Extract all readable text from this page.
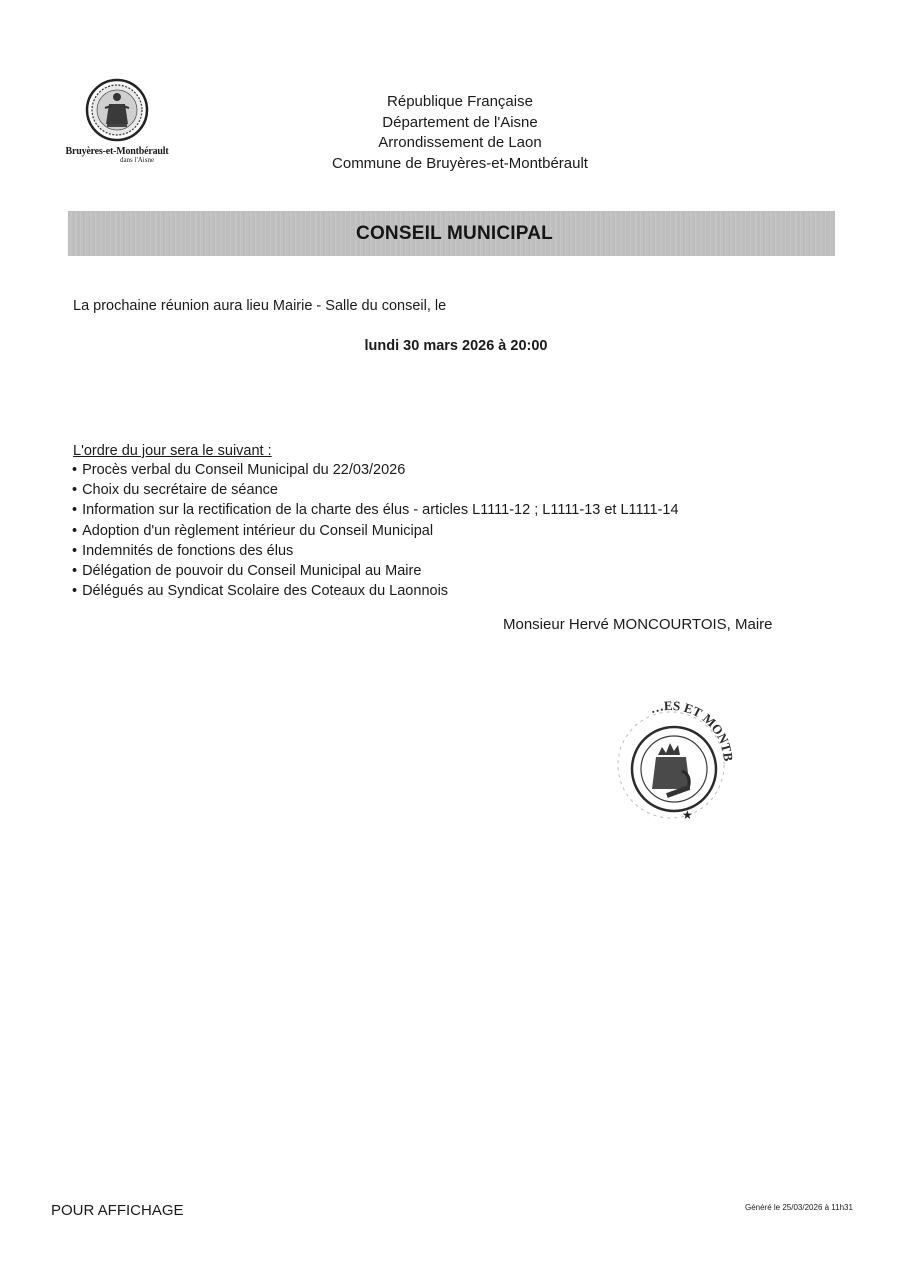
Bruyères-et-Montbérault
dans l'Aisne
République Française
Département de l'Aisne
Arrondissement de Laon
Commune de Bruyères-et-Montbérault
CONSEIL MUNICIPAL
La prochaine réunion aura lieu Mairie - Salle du conseil, le
lundi 30 mars 2026 à 20:00
L'ordre du jour sera le suivant :
• Procès verbal du Conseil Municipal du 22/03/2026
• Choix du secrétaire de séance
• Information sur la rectification de la charte des élus - articles L1111-12 ; L1111-13 et L1111-14
• Adoption d'un règlement intérieur du Conseil Municipal
• Indemnités de fonctions des élus
• Délégation de pouvoir du Conseil Municipal au Maire
• Délégués au Syndicat Scolaire des Coteaux du Laonnois
Monsieur Hervé MONCOURTOIS, Maire
…ES ET MONTB
★
POUR AFFICHAGE	Généré le 25/03/2026 à 11h31
